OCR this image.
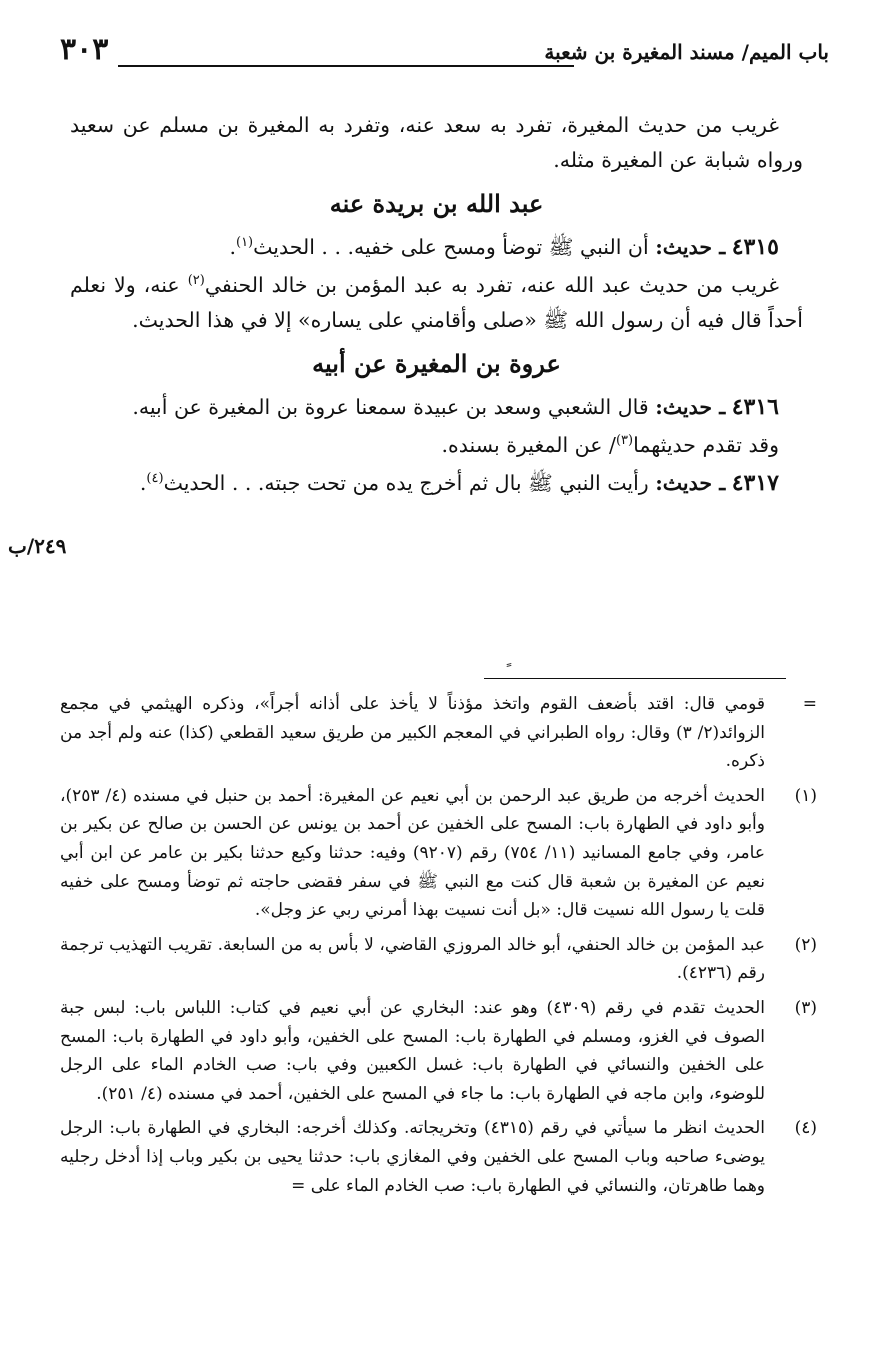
باب الميم/ مسند المغيرة بن شعبة
٣٠٣

غريب من حديث المغيرة، تفرد به سعد عنه، وتفرد به المغيرة بن مسلم عن سعيد ورواه شبابة عن المغيرة مثله.

عبد الله بن بريدة عنه

٤٣١٥ ـ حديث: أن النبي ﷺ توضأ ومسح على خفيه. . . الحديث$^{(١)}$.

غريب من حديث عبد الله عنه، تفرد به عبد المؤمن بن خالد الحنفي$^{(٢)}$ عنه، ولا نعلم أحداً قال فيه أن رسول الله ﷺ «صلى وأقامني على يساره» إلا في هذا الحديث.

عروة بن المغيرة عن أبيه

٤٣١٦ ـ حديث: قال الشعبي وسعد بن عبيدة سمعنا عروة بن المغيرة عن أبيه.

وقد تقدم حديثهما$^{(٣)}$/ عن المغيرة بسنده.

٤٣١٧ ـ حديث: رأيت النبي ﷺ بال ثم أخرج يده من تحت جبته. . . الحديث$^{(٤)}$.

٢٤٩/ب
=
قومي قال: اقتد بأضعف القوم واتخذ مؤذناً لا يأخذ على أذانه أجراً»، وذكره الهيثمي في مجمع الزوائد(٢/ ٣) وقال: رواه الطبراني في المعجم الكبير من طريق سعيد القطعي (كذا) عنه ولم أجد من ذكره.
(١)
الحديث أخرجه من طريق عبد الرحمن بن أبي نعيم عن المغيرة: أحمد بن حنبل في مسنده (٤/ ٢٥٣)، وأبو داود في الطهارة باب: المسح على الخفين عن أحمد بن يونس عن الحسن بن صالح عن بكير بن عامر، وفي جامع المسانيد (١١/ ٧٥٤) رقم (٩٢٠٧) وفيه: حدثنا وكيع حدثنا بكير بن عامر عن ابن أبي نعيم عن المغيرة بن شعبة قال كنت مع النبي ﷺ في سفر فقضى حاجته ثم توضأ ومسح على خفيه قلت يا رسول الله نسيت قال: «بل أنت نسيت بهذا أمرني ربي عز وجل».
(٢)
عبد المؤمن بن خالد الحنفي، أبو خالد المروزي القاضي، لا بأس به من السابعة. تقريب التهذيب ترجمة رقم (٤٢٣٦).
(٣)
الحديث تقدم في رقم (٤٣٠٩) وهو عند: البخاري عن أبي نعيم في كتاب: اللباس باب: لبس جبة الصوف في الغزو، ومسلم في الطهارة باب: المسح على الخفين، وأبو داود في الطهارة باب: المسح على الخفين والنسائي في الطهارة باب: غسل الكعبين وفي باب: صب الخادم الماء على الرجل للوضوء، وابن ماجه في الطهارة باب: ما جاء في المسح على الخفين، أحمد في مسنده (٤/ ٢٥١).
(٤)
الحديث انظر ما سيأتي في رقم (٤٣١٥) وتخريجاته. وكذلك أخرجه: البخاري في الطهارة باب: الرجل يوضىء صاحبه وباب المسح على الخفين وفي المغازي باب: حدثنا يحيى بن بكير وباب إذا أدخل رجليه وهما طاهرتان، والنسائي في الطهارة باب: صب الخادم الماء على =
